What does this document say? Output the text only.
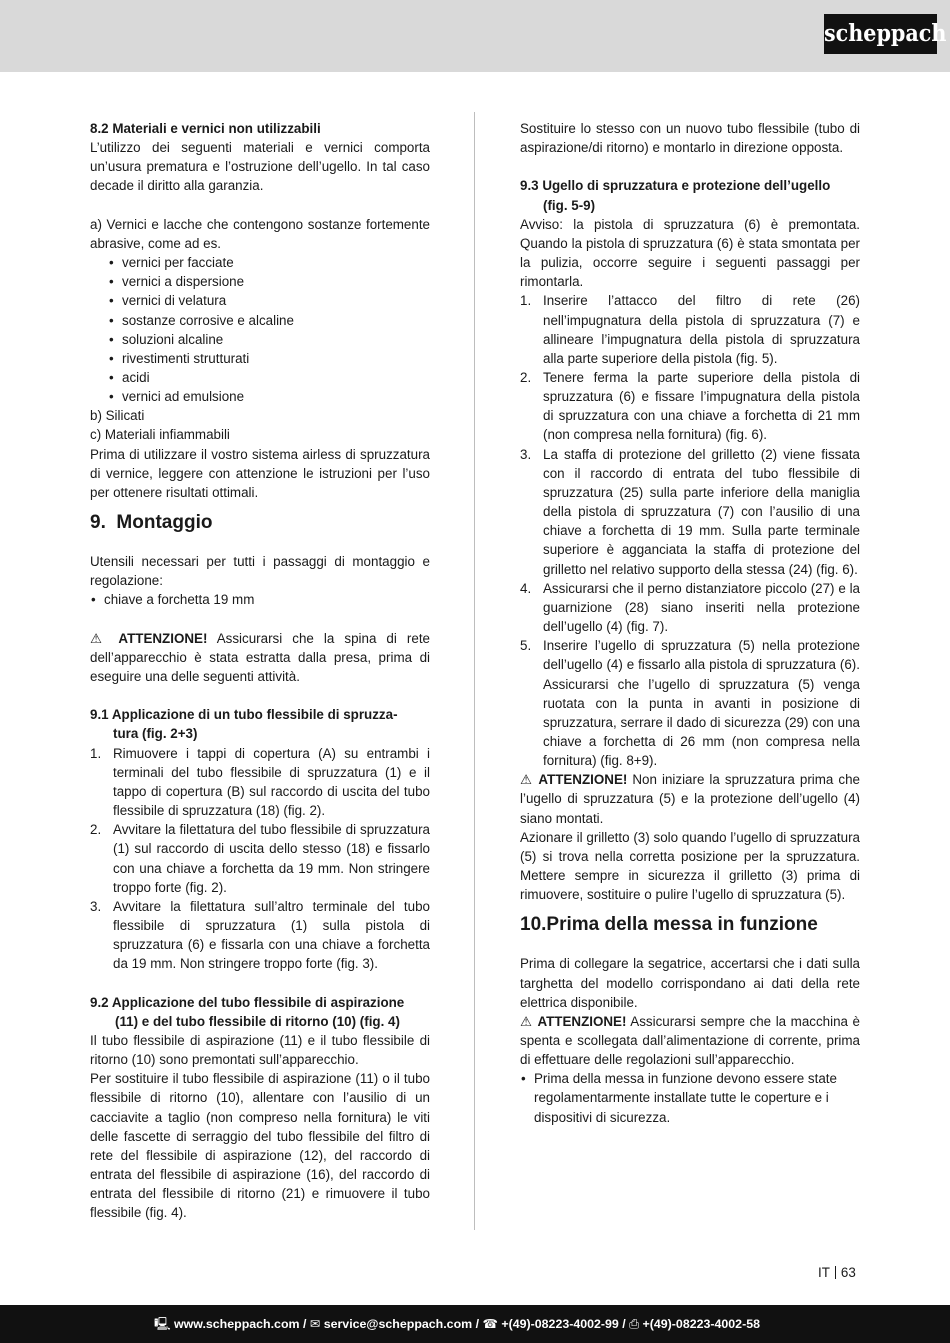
scheppach
8.2 Materiali e vernici non utilizzabili
L’utilizzo dei seguenti materiali e vernici comporta un’usura prematura e l’ostruzione dell’ugello. In tal caso decade il diritto alla garanzia.
a) Vernici e lacche che contengono sostanze fortemente abrasive, come ad es.
• vernici per facciate
• vernici a dispersione
• vernici di velatura
• sostanze corrosive e alcaline
• soluzioni alcaline
• rivestimenti strutturati
• acidi
• vernici ad emulsione
b) Silicati
c) Materiali infiammabili
Prima di utilizzare il vostro sistema airless di spruzzatura di vernice, leggere con attenzione le istruzioni per l’uso per ottenere risultati ottimali.
9. Montaggio
Utensili necessari per tutti i passaggi di montaggio e regolazione:
• chiave a forchetta 19 mm
⚠ ATTENZIONE! Assicurarsi che la spina di rete dell’apparecchio è stata estratta dalla presa, prima di eseguire una delle seguenti attività.
9.1 Applicazione di un tubo flessibile di spruzza-
tura (fig. 2+3)
1. Rimuovere i tappi di copertura (A) su entrambi i terminali del tubo flessibile di spruzzatura (1) e il tappo di copertura (B) sul raccordo di uscita del tubo flessibile di spruzzatura (18) (fig. 2).
2. Avvitare la filettatura del tubo flessibile di spruzzatura (1) sul raccordo di uscita dello stesso (18) e fissarlo con una chiave a forchetta da 19 mm. Non stringere troppo forte (fig. 2).
3. Avvitare la filettatura sull’altro terminale del tubo flessibile di spruzzatura (1) sulla pistola di spruzzatura (6) e fissarla con una chiave a forchetta da 19 mm. Non stringere troppo forte (fig. 3).
9.2 Applicazione del tubo flessibile di aspirazione
(11) e del tubo flessibile di ritorno (10) (fig. 4)
Il tubo flessibile di aspirazione (11) e il tubo flessibile di ritorno (10) sono premontati sull’apparecchio.
Per sostituire il tubo flessibile di aspirazione (11) o il tubo flessibile di ritorno (10), allentare con l’ausilio di un cacciavite a taglio (non compreso nella fornitura) le viti delle fascette di serraggio del tubo flessibile del filtro di rete del flessibile di aspirazione (12), del raccordo di entrata del flessibile di aspirazione (16), del raccordo di entrata del flessibile di ritorno (21) e rimuovere il tubo flessibile (fig. 4).
Sostituire lo stesso con un nuovo tubo flessibile (tubo di aspirazione/di ritorno) e montarlo in direzione opposta.
9.3 Ugello di spruzzatura e protezione dell’ugello
(fig. 5-9)
Avviso: la pistola di spruzzatura (6) è premontata. Quando la pistola di spruzzatura (6) è stata smontata per la pulizia, occorre seguire i seguenti passaggi per rimontarla.
1. Inserire l’attacco del filtro di rete (26) nell’impugnatura della pistola di spruzzatura (7) e allineare l’impugnatura della pistola di spruzzatura alla parte superiore della pistola (fig. 5).
2. Tenere ferma la parte superiore della pistola di spruzzatura (6) e fissare l’impugnatura della pistola di spruzzatura con una chiave a forchetta di 21 mm (non compresa nella fornitura) (fig. 6).
3. La staffa di protezione del grilletto (2) viene fissata con il raccordo di entrata del tubo flessibile di spruzzatura (25) sulla parte inferiore della maniglia della pistola di spruzzatura (7) con l’ausilio di una chiave a forchetta di 19 mm. Sulla parte terminale superiore è agganciata la staffa di protezione del grilletto nel relativo supporto della stessa (24) (fig. 6).
4. Assicurarsi che il perno distanziatore piccolo (27) e la guarnizione (28) siano inseriti nella protezione dell’ugello (4) (fig. 7).
5. Inserire l’ugello di spruzzatura (5) nella protezione dell’ugello (4) e fissarlo alla pistola di spruzzatura (6). Assicurarsi che l’ugello di spruzzatura (5) venga ruotata con la punta in avanti in posizione di spruzzatura, serrare il dado di sicurezza (29) con una chiave a forchetta di 26 mm (non compresa nella fornitura) (fig. 8+9).
⚠ ATTENZIONE! Non iniziare la spruzzatura prima che l’ugello di spruzzatura (5) e la protezione dell’ugello (4) siano montati.
Azionare il grilletto (3) solo quando l’ugello di spruzzatura (5) si trova nella corretta posizione per la spruzzatura. Mettere sempre in sicurezza il grilletto (3) prima di rimuovere, sostituire o pulire l’ugello di spruzzatura (5).
10.Prima della messa in funzione
Prima di collegare la segatrice, accertarsi che i dati sulla targhetta del modello corrispondano ai dati della rete elettrica disponibile.
⚠ ATTENZIONE! Assicurarsi sempre che la macchina è spenta e scollegata dall’alimentazione di corrente, prima di effettuare delle regolazioni sull’apparecchio.
• Prima della messa in funzione devono essere state regolamentarmente installate tutte le coperture e i dispositivi di sicurezza.
IT 63
🖳 www.scheppach.com / ✉ service@scheppach.com / ☎ +(49)-08223-4002-99 / ⎙ +(49)-08223-4002-58
